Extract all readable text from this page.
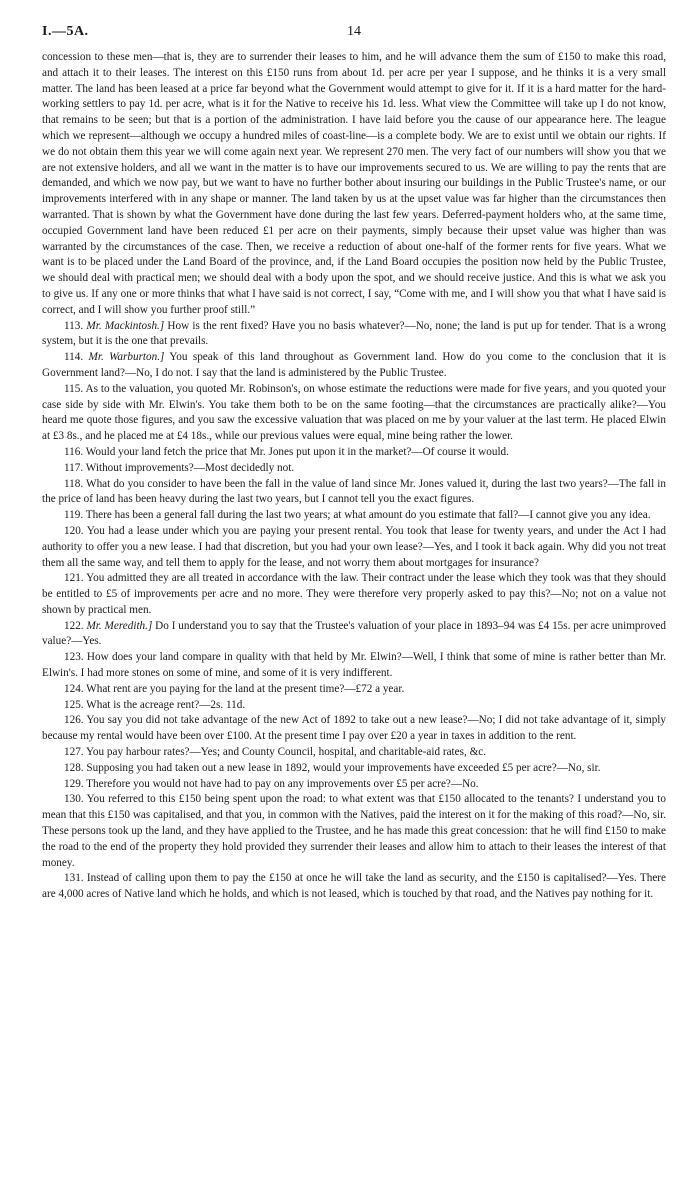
I.—5A.	14

concession to these men—that is, they are to surrender their leases to him, and he will advance them the sum of £150 to make this road, and attach it to their leases. The interest on this £150 runs from about 1d. per acre per year I suppose, and he thinks it is a very small matter. The land has been leased at a price far beyond what the Government would attempt to give for it. If it is a hard matter for the hard-working settlers to pay 1d. per acre, what is it for the Native to receive his 1d. less. What view the Committee will take up I do not know, that remains to be seen; but that is a portion of the administration. I have laid before you the cause of our appearance here. The league which we represent—although we occupy a hundred miles of coast-line—is a complete body. We are to exist until we obtain our rights. If we do not obtain them this year we will come again next year. We represent 270 men. The very fact of our numbers will show you that we are not extensive holders, and all we want in the matter is to have our improvements secured to us. We are willing to pay the rents that are demanded, and which we now pay, but we want to have no further bother about insuring our buildings in the Public Trustee's name, or our improvements interfered with in any shape or manner. The land taken by us at the upset value was far higher than the circumstances then warranted. That is shown by what the Government have done during the last few years. Deferred-payment holders who, at the same time, occupied Government land have been reduced £1 per acre on their payments, simply because their upset value was higher than was warranted by the circumstances of the case. Then, we receive a reduction of about one-half of the former rents for five years. What we want is to be placed under the Land Board of the province, and, if the Land Board occupies the position now held by the Public Trustee, we should deal with practical men; we should deal with a body upon the spot, and we should receive justice. And this is what we ask you to give us. If any one or more thinks that what I have said is not correct, I say, “Come with me, and I will show you that what I have said is correct, and I will show you further proof still.”

113. Mr. Mackintosh.] How is the rent fixed? Have you no basis whatever?—No, none; the land is put up for tender. That is a wrong system, but it is the one that prevails.

114. Mr. Warburton.] You speak of this land throughout as Government land. How do you come to the conclusion that it is Government land?—No, I do not. I say that the land is administered by the Public Trustee.

115. As to the valuation, you quoted Mr. Robinson's, on whose estimate the reductions were made for five years, and you quoted your case side by side with Mr. Elwin's. You take them both to be on the same footing—that the circumstances are practically alike?—You heard me quote those figures, and you saw the excessive valuation that was placed on me by your valuer at the last term. He placed Elwin at £3 8s., and he placed me at £4 18s., while our previous values were equal, mine being rather the lower.

116. Would your land fetch the price that Mr. Jones put upon it in the market?—Of course it would.

117. Without improvements?—Most decidedly not.

118. What do you consider to have been the fall in the value of land since Mr. Jones valued it, during the last two years?—The fall in the price of land has been heavy during the last two years, but I cannot tell you the exact figures.

119. There has been a general fall during the last two years; at what amount do you estimate that fall?—I cannot give you any idea.

120. You had a lease under which you are paying your present rental. You took that lease for twenty years, and under the Act I had authority to offer you a new lease. I had that discretion, but you had your own lease?—Yes, and I took it back again. Why did you not treat them all the same way, and tell them to apply for the lease, and not worry them about mortgages for insurance?

121. You admitted they are all treated in accordance with the law. Their contract under the lease which they took was that they should be entitled to £5 of improvements per acre and no more. They were therefore very properly asked to pay this?—No; not on a value not shown by practical men.

122. Mr. Meredith.] Do I understand you to say that the Trustee's valuation of your place in 1893–94 was £4 15s. per acre unimproved value?—Yes.

123. How does your land compare in quality with that held by Mr. Elwin?—Well, I think that some of mine is rather better than Mr. Elwin's. I had more stones on some of mine, and some of it is very indifferent.

124. What rent are you paying for the land at the present time?—£72 a year.

125. What is the acreage rent?—2s. 11d.

126. You say you did not take advantage of the new Act of 1892 to take out a new lease?—No; I did not take advantage of it, simply because my rental would have been over £100. At the present time I pay over £20 a year in taxes in addition to the rent.

127. You pay harbour rates?—Yes; and County Council, hospital, and charitable-aid rates, &c.

128. Supposing you had taken out a new lease in 1892, would your improvements have exceeded £5 per acre?—No, sir.

129. Therefore you would not have had to pay on any improvements over £5 per acre?—No.

130. You referred to this £150 being spent upon the road: to what extent was that £150 allocated to the tenants? I understand you to mean that this £150 was capitalised, and that you, in common with the Natives, paid the interest on it for the making of this road?—No, sir. These persons took up the land, and they have applied to the Trustee, and he has made this great concession: that he will find £150 to make the road to the end of the property they hold provided they surrender their leases and allow him to attach to their leases the interest of that money.

131. Instead of calling upon them to pay the £150 at once he will take the land as security, and the £150 is capitalised?—Yes. There are 4,000 acres of Native land which he holds, and which is not leased, which is touched by that road, and the Natives pay nothing for it.
